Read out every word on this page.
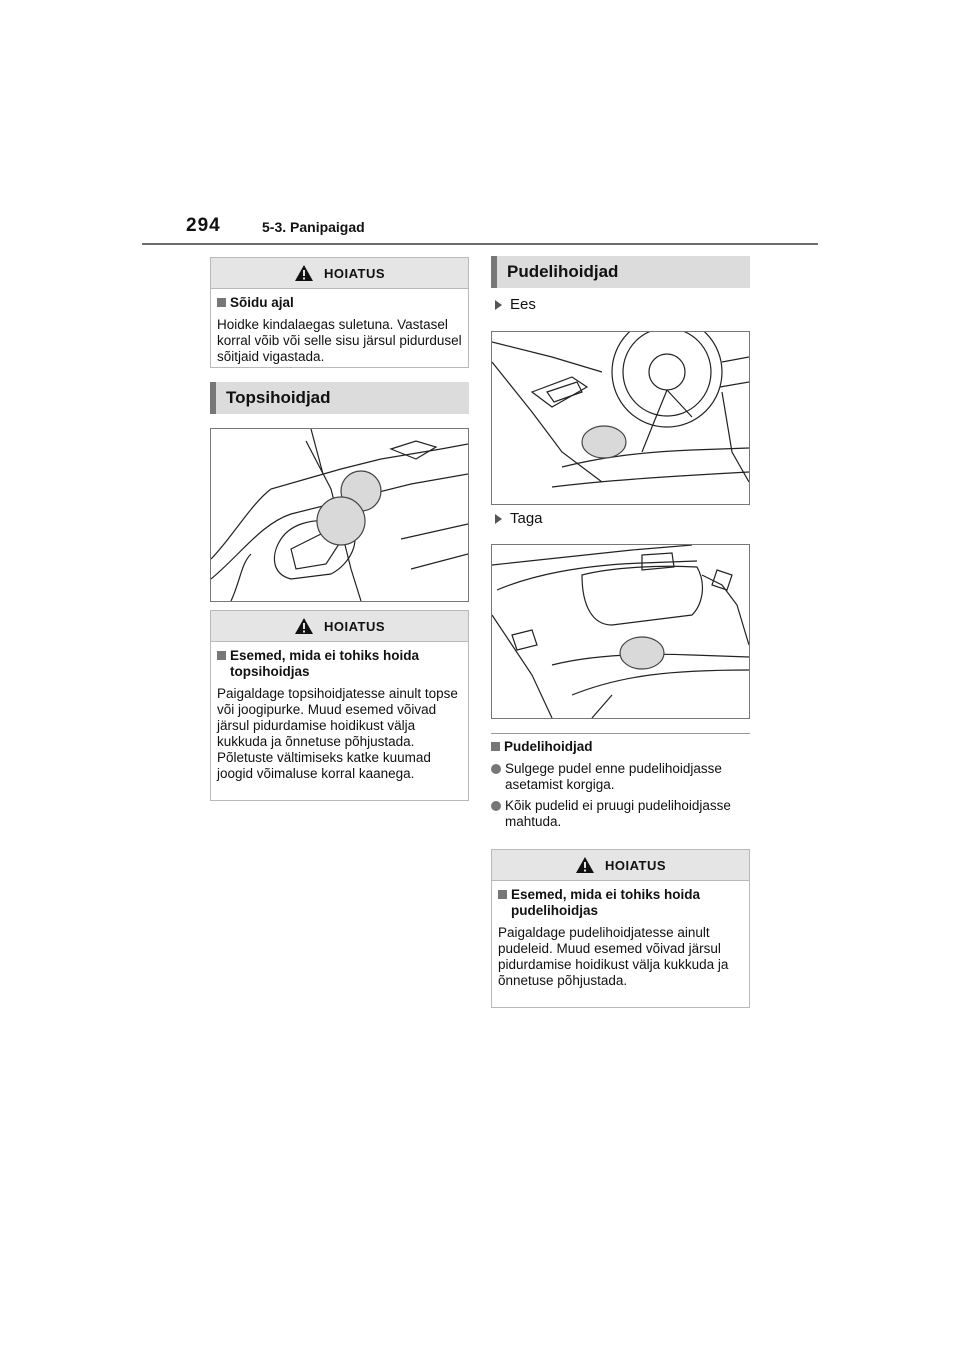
294	5-3. Panipaigad
HOIATUS
Sõidu ajal
Hoidke kindalaegas suletuna. Vastasel korral võib või selle sisu järsul pidurdusel sõitjaid vigastada.
Topsihoidjad
HOIATUS
Esemed, mida ei tohiks hoida topsihoidjas
Paigaldage topsihoidjatesse ainult topse või joogipurke. Muud esemed võivad järsul pidurdamise hoidikust välja kukkuda ja õnnetuse põhjustada. Põletuste vältimiseks katke kuumad joogid võimaluse korral kaanega.
Pudelihoidjad
Ees
Taga
Pudelihoidjad
Sulgege pudel enne pudelihoidjasse asetamist korgiga.
Kõik pudelid ei pruugi pudelihoidjasse mahtuda.
HOIATUS
Esemed, mida ei tohiks hoida pudelihoidjas
Paigaldage pudelihoidjatesse ainult pudeleid. Muud esemed võivad järsul pidurdamise hoidikust välja kukkuda ja õnnetuse põhjustada.
